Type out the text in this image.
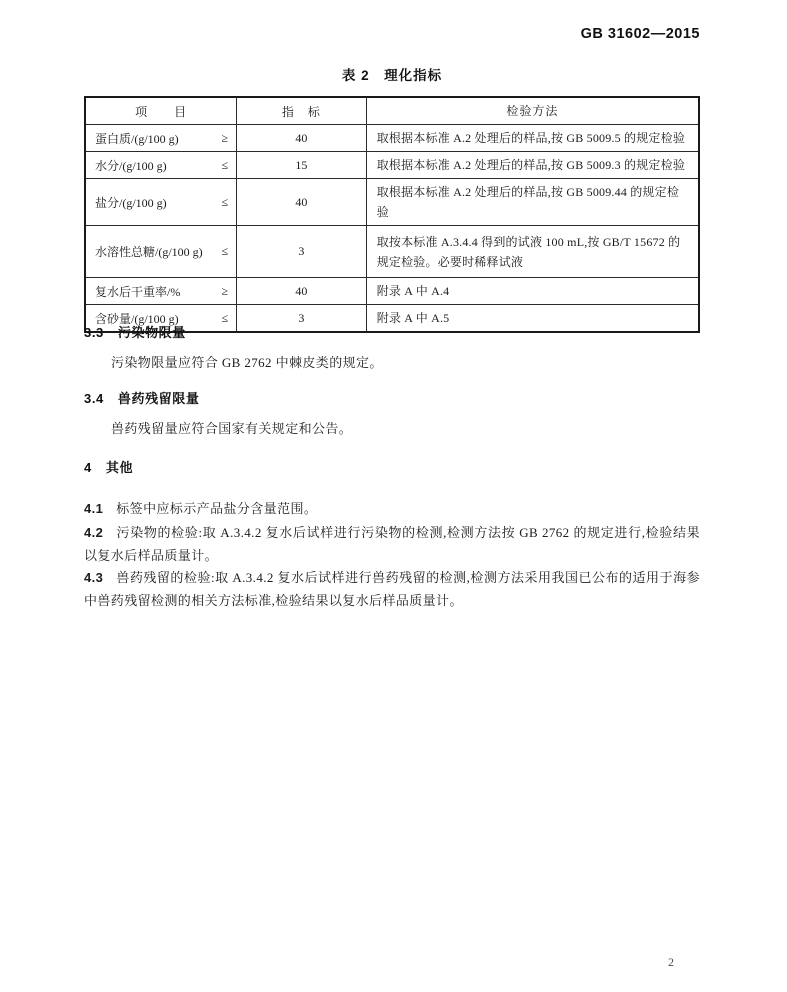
GB 31602—2015
表 2　理化指标
项　　目	指　标	检验方法

蛋白质/(g/100 g) ≥	40	取根据本标准 A.2 处理后的样品,按 GB 5009.5 的规定检验

水分/(g/100 g) ≤	15	取根据本标准 A.2 处理后的样品,按 GB 5009.3 的规定检验

盐分/(g/100 g) ≤	40	取根据本标准 A.2 处理后的样品,按 GB 5009.44 的规定检验

水溶性总糖/(g/100 g) ≤	3	取按本标准 A.3.4.4 得到的试液 100 mL,按 GB/T 15672 的规定检验。必要时稀释试液

复水后干重率/% ≥	40	附录 A 中 A.4

含砂量/(g/100 g) ≤	3	附录 A 中 A.5
3.3 污染物限量

污染物限量应符合 GB 2762 中棘皮类的规定。

3.4 兽药残留限量

兽药残留量应符合国家有关规定和公告。

4 其他

4.1 标签中应标示产品盐分含量范围。

4.2 污染物的检验:取 A.3.4.2 复水后试样进行污染物的检测,检测方法按 GB 2762 的规定进行,检验结果以复水后样品质量计。

4.3 兽药残留的检验:取 A.3.4.2 复水后试样进行兽药残留的检测,检测方法采用我国已公布的适用于海参中兽药残留检测的相关方法标准,检验结果以复水后样品质量计。

2
